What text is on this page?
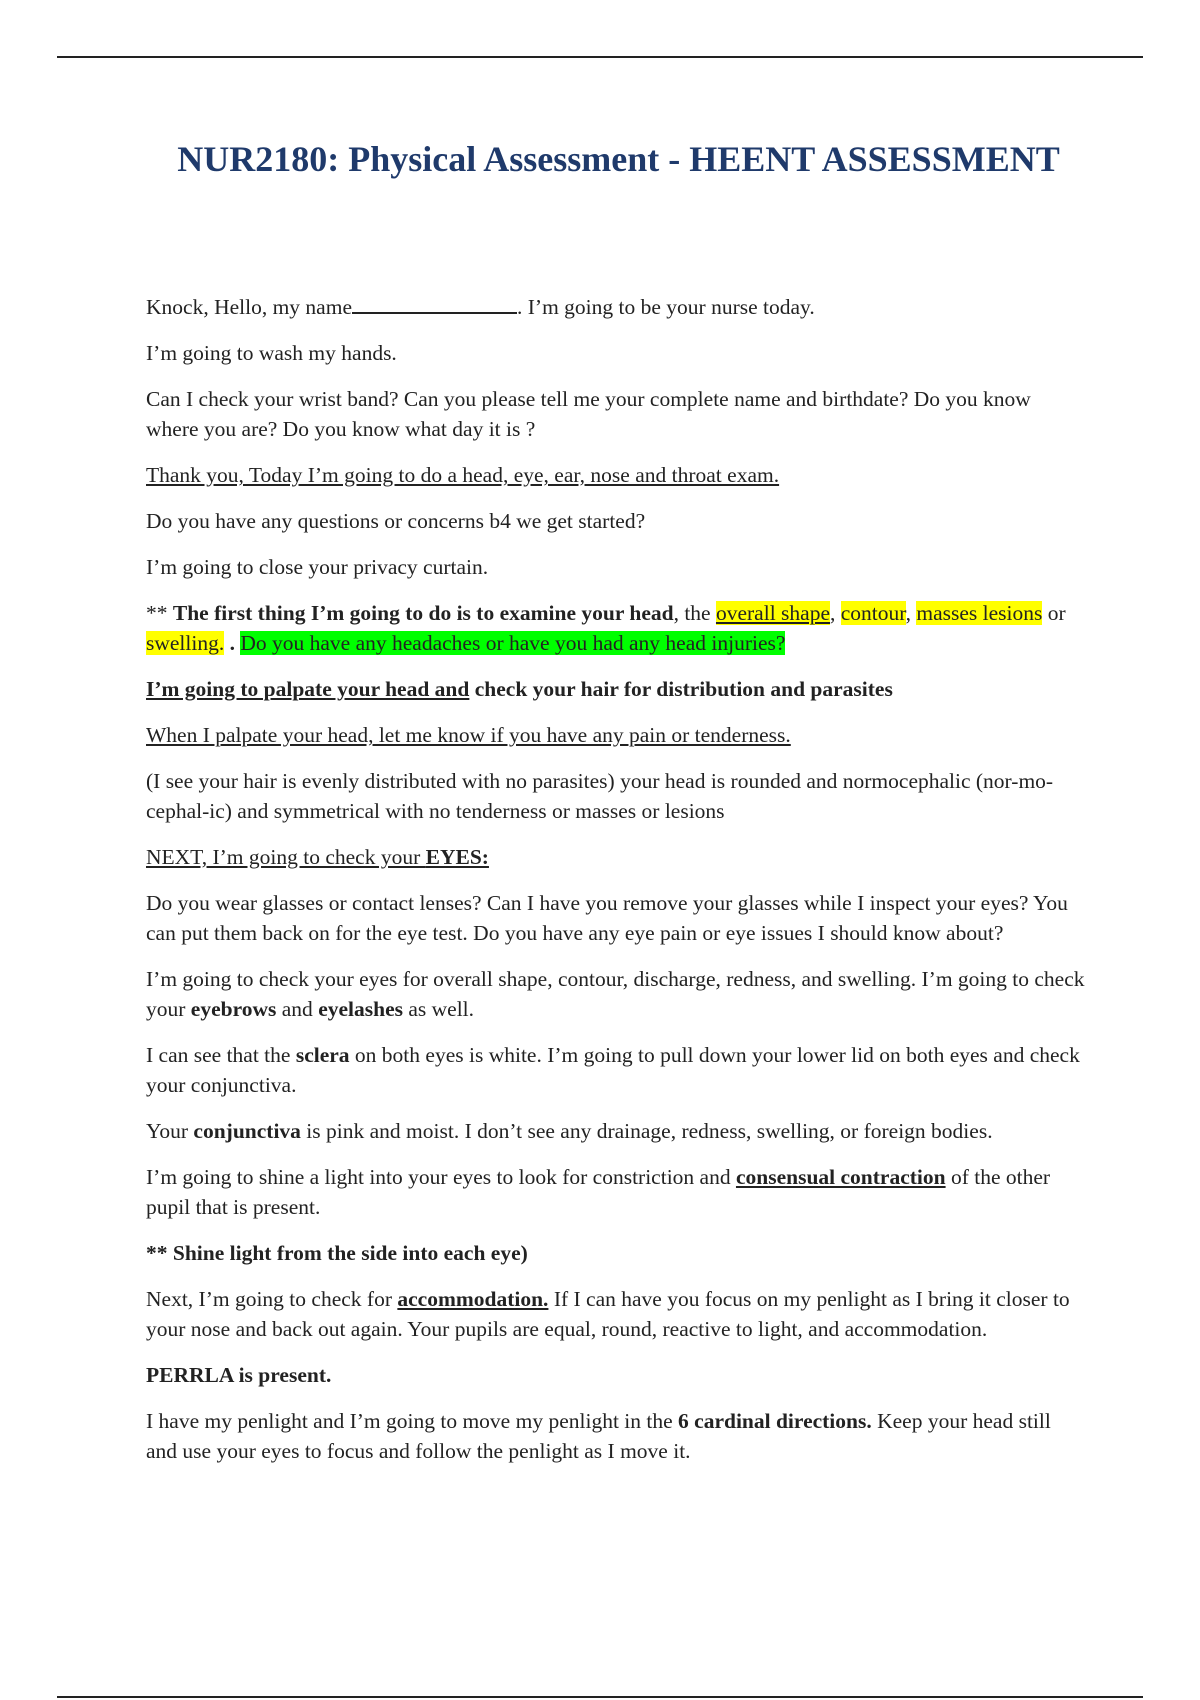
NUR2180: Physical Assessment - HEENT ASSESSMENT

Knock, Hello, my name	. I’m going to be your nurse today.

I’m going to wash my hands.

Can I check your wrist band? Can you please tell me your complete name and birthdate? Do you know where you are? Do you know what day it is ?

Thank you, Today I’m going to do a head, eye, ear, nose and throat exam.

Do you have any questions or concerns b4 we get started?

I’m going to close your privacy curtain.

** The first thing I’m going to do is to examine your head, the overall shape, contour, masses lesions or swelling. . Do you have any headaches or have you had any head injuries?

I’m going to palpate your head and check your hair for distribution and parasites

When I palpate your head, let me know if you have any pain or tenderness.

(I see your hair is evenly distributed with no parasites) your head is rounded and normocephalic (nor-mo-cephal-ic) and symmetrical with no tenderness or masses or lesions

NEXT, I’m going to check your EYES:

Do you wear glasses or contact lenses? Can I have you remove your glasses while I inspect your eyes? You can put them back on for the eye test. Do you have any eye pain or eye issues I should know about?

I’m going to check your eyes for overall shape, contour, discharge, redness, and swelling. I’m going to check your eyebrows and eyelashes as well.

I can see that the sclera on both eyes is white. I’m going to pull down your lower lid on both eyes and check your conjunctiva.

Your conjunctiva is pink and moist. I don’t see any drainage, redness, swelling, or foreign bodies.

I’m going to shine a light into your eyes to look for constriction and consensual contraction of the other pupil that is present.

** Shine light from the side into each eye)

Next, I’m going to check for accommodation. If I can have you focus on my penlight as I bring it closer to your nose and back out again. Your pupils are equal, round, reactive to light, and accommodation.

PERRLA is present.

I have my penlight and I’m going to move my penlight in the 6 cardinal directions. Keep your head still and use your eyes to focus and follow the penlight as I move it.
